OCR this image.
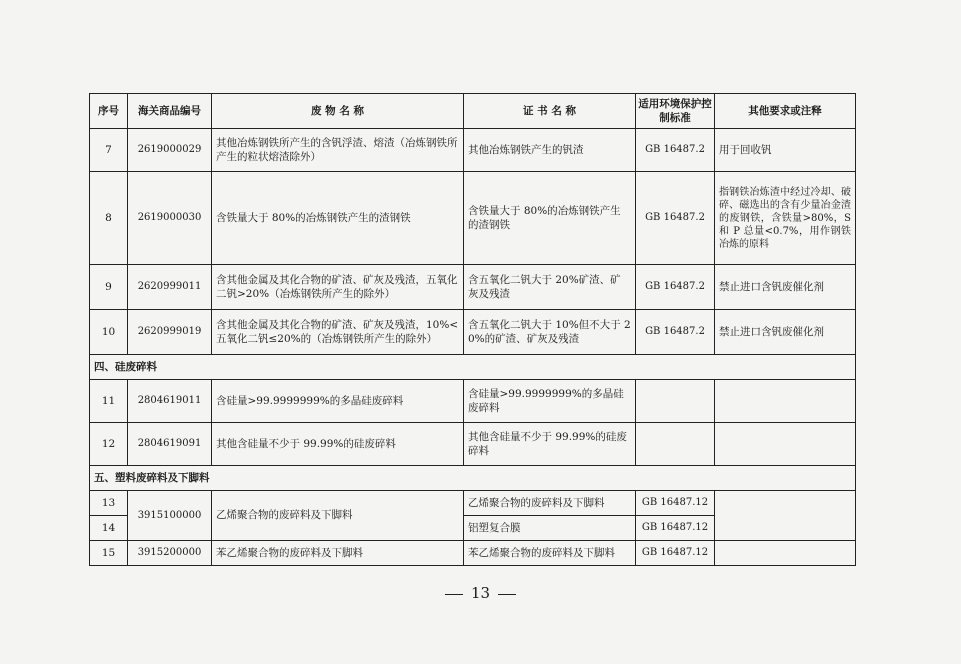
序号	海关商品编号	废 物 名 称	证 书 名 称	适用环境保护控制标准	其他要求或注释
7	2619000029	其他冶炼钢铁所产生的含钒浮渣、熔渣（冶炼钢铁所产生的粒状熔渣除外）	其他冶炼钢铁产生的钒渣	GB 16487.2	用于回收钒
8	2619000030	含铁量大于 80%的冶炼钢铁产生的渣钢铁	含铁量大于 80%的冶炼钢铁产生的渣钢铁	GB 16487.2	指钢铁冶炼渣中经过冷却、破碎、磁选出的含有少量冶金渣的废钢铁，含铁量>80%，S 和 P 总量<0.7%，用作钢铁冶炼的原料
9	2620999011	含其他金属及其化合物的矿渣、矿灰及残渣，五氧化二钒>20%（冶炼钢铁所产生的除外）	含五氧化二钒大于 20%矿渣、矿灰及残渣	GB 16487.2	禁止进口含钒废催化剂
10	2620999019	含其他金属及其化合物的矿渣、矿灰及残渣，10%<五氧化二钒≤20%的（冶炼钢铁所产生的除外）	含五氧化二钒大于 10%但不大于 20%的矿渣、矿灰及残渣	GB 16487.2	禁止进口含钒废催化剂
四、硅废碎料					
11	2804619011	含硅量>99.9999999%的多晶硅废碎料	含硅量>99.9999999%的多晶硅废碎料		
12	2804619091	其他含硅量不少于 99.99%的硅废碎料	其他含硅量不少于 99.99%的硅废碎料		
五、塑料废碎料及下脚料					
13	3915100000	乙烯聚合物的废碎料及下脚料	乙烯聚合物的废碎料及下脚料	GB 16487.12	
14			铝塑复合膜	GB 16487.12	
15	3915200000	苯乙烯聚合物的废碎料及下脚料	苯乙烯聚合物的废碎料及下脚料	GB 16487.12	
13
